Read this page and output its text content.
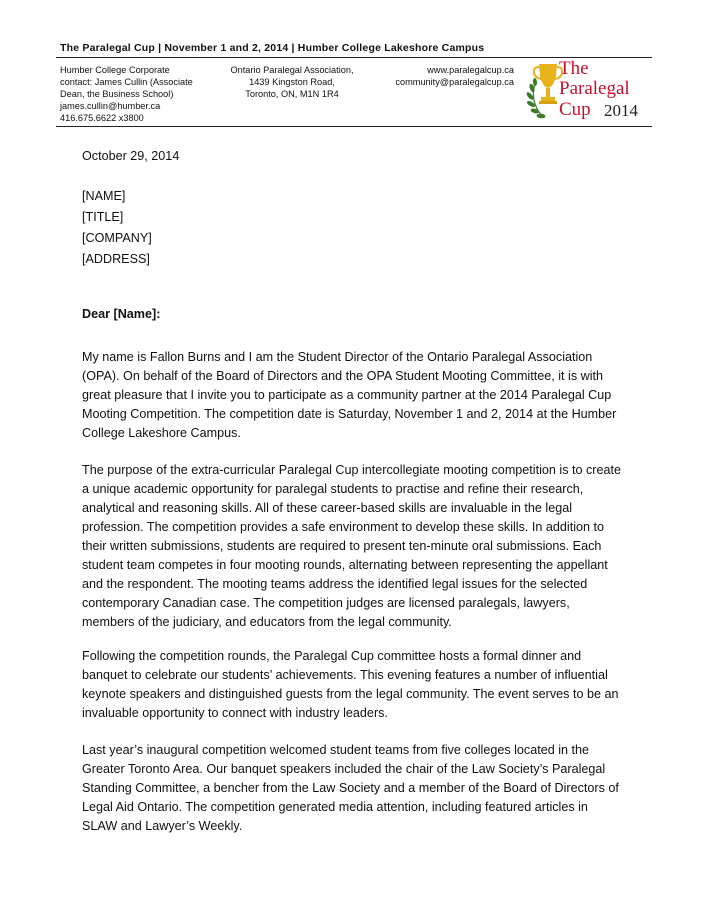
The Paralegal Cup | November 1 and 2, 2014 | Humber College Lakeshore Campus
Humber College Corporate
contact: James Cullin (Associate
Dean, the Business School)
james.cullin@humber.ca
416.675.6622 x3800
Ontario Paralegal Association,
1439 Kingston Road,
Toronto, ON, M1N 1R4
www.paralegalcup.ca
community@paralegalcup.ca
The
Paralegal
Cup 2014
October 29, 2014
[NAME]
[TITLE]
[COMPANY]
[ADDRESS]
Dear [Name]:

My name is Fallon Burns and I am the Student Director of the Ontario Paralegal Association (OPA). On behalf of the Board of Directors and the OPA Student Mooting Committee, it is with great pleasure that I invite you to participate as a community partner at the 2014 Paralegal Cup Mooting Competition. The competition date is Saturday, November 1 and 2, 2014 at the Humber College Lakeshore Campus.

The purpose of the extra-curricular Paralegal Cup intercollegiate mooting competition is to create a unique academic opportunity for paralegal students to practise and refine their research, analytical and reasoning skills. All of these career-based skills are invaluable in the legal profession. The competition provides a safe environment to develop these skills. In addition to their written submissions, students are required to present ten-minute oral submissions. Each student team competes in four mooting rounds, alternating between representing the appellant and the respondent. The mooting teams address the identified legal issues for the selected contemporary Canadian case. The competition judges are licensed paralegals, lawyers, members of the judiciary, and educators from the legal community.

Following the competition rounds, the Paralegal Cup committee hosts a formal dinner and banquet to celebrate our students’ achievements. This evening features a number of influential keynote speakers and distinguished guests from the legal community. The event serves to be an invaluable opportunity to connect with industry leaders.

Last year’s inaugural competition welcomed student teams from five colleges located in the Greater Toronto Area. Our banquet speakers included the chair of the Law Society’s Paralegal Standing Committee, a bencher from the Law Society and a member of the Board of Directors of Legal Aid Ontario. The competition generated media attention, including featured articles in SLAW and Lawyer’s Weekly.
